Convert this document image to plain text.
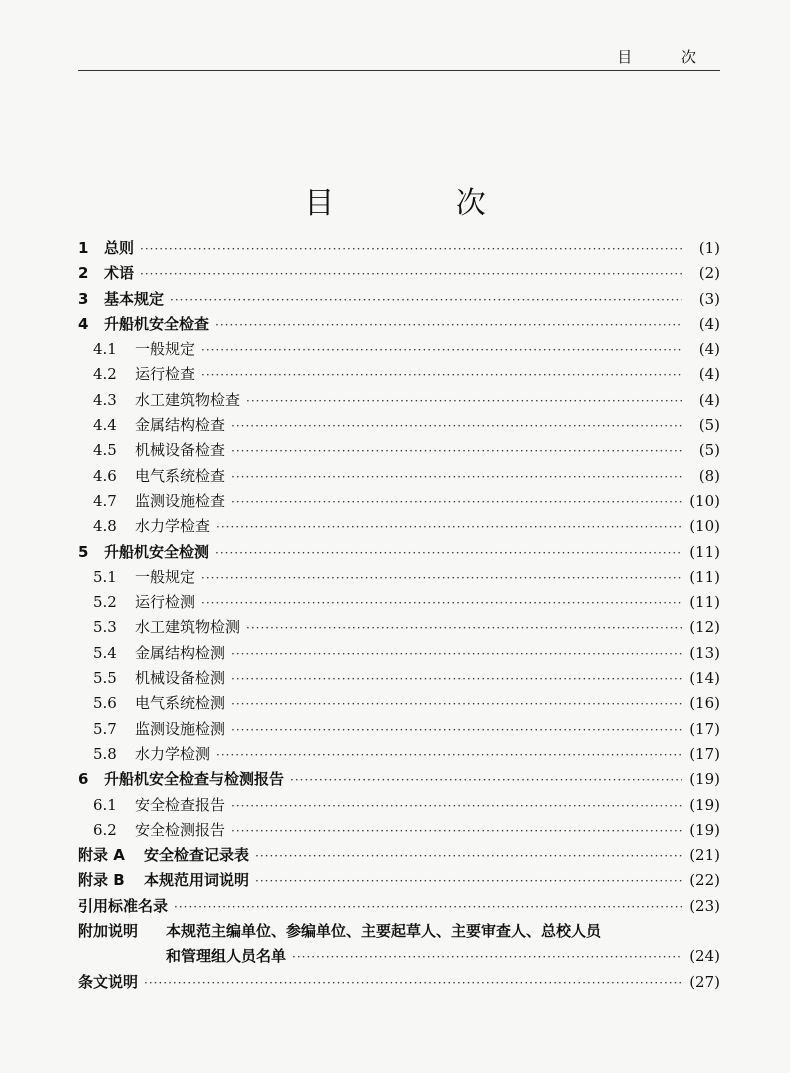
目 次
目 次
1	总则 ·····	(1)
2	术语 ·····	(2)
3	基本规定 ·····	(3)
4	升船机安全检查 ·····	(4)
4.1	一般规定 ·····	(4)
4.2	运行检查 ·····	(4)
4.3	水工建筑物检查 ·····	(4)
4.4	金属结构检查 ·····	(5)
4.5	机械设备检查 ·····	(5)
4.6	电气系统检查 ·····	(8)
4.7	监测设施检查 ·····	(10)
4.8	水力学检查 ·····	(10)
5	升船机安全检测 ·····	(11)
5.1	一般规定 ·····	(11)
5.2	运行检测 ·····	(11)
5.3	水工建筑物检测 ·····	(12)
5.4	金属结构检测 ·····	(13)
5.5	机械设备检测 ·····	(14)
5.6	电气系统检测 ·····	(16)
5.7	监测设施检测 ·····	(17)
5.8	水力学检测 ·····	(17)
6	升船机安全检查与检测报告 ·····	(19)
6.1	安全检查报告 ·····	(19)
6.2	安全检测报告 ·····	(19)
附录 A	安全检查记录表 ·····	(21)
附录 B	本规范用词说明 ·····	(22)
引用标准名录 ·····	(23)
附加说明	本规范主编单位、参编单位、主要起草人、主要审查人、总校人员
和管理组人员名单 ·····	(24)
条文说明 ·····	(27)
